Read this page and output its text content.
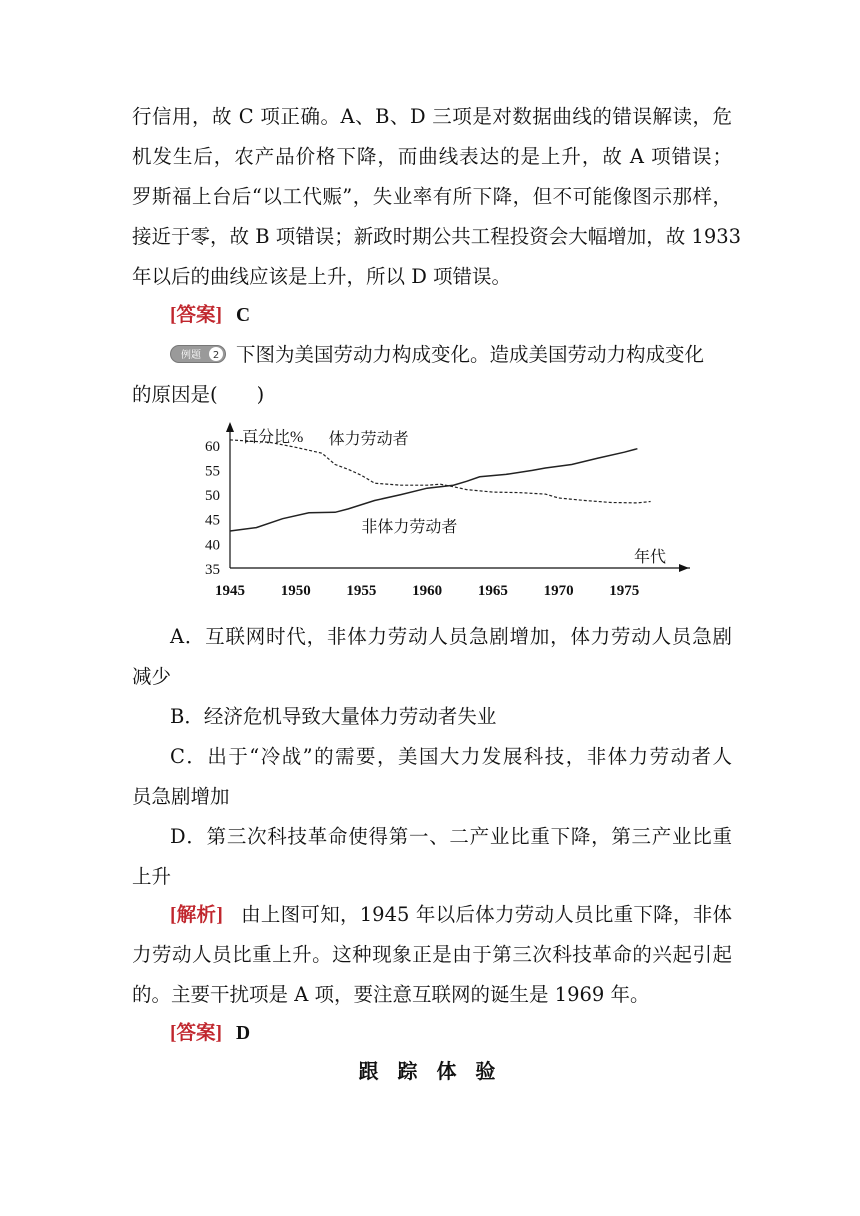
行信用，故 C 项正确。A、B、D 三项是对数据曲线的错误解读，危
机发生后，农产品价格下降，而曲线表达的是上升，故 A 项错误；
罗斯福上台后“以工代赈”，失业率有所下降，但不可能像图示那样，
接近于零，故 B 项错误；新政时期公共工程投资会大幅增加，故 1933
年以后的曲线应该是上升，所以 D 项错误。
[答案] C
例题 2 下图为美国劳动力构成变化。造成美国劳动力构成变化
的原因是(　　)
35
40
45
50
55
60
1945 1950 1955 1960 1965 1970 1975
百分比%
年代
体力劳动者
非体力劳动者
A．互联网时代，非体力劳动人员急剧增加，体力劳动人员急剧
减少
B．经济危机导致大量体力劳动者失业
C．出于“冷战”的需要，美国大力发展科技，非体力劳动者人
员急剧增加
D．第三次科技革命使得第一、二产业比重下降，第三产业比重
上升
[解析] 由上图可知，1945 年以后体力劳动人员比重下降，非体
力劳动人员比重上升。这种现象正是由于第三次科技革命的兴起引起
的。主要干扰项是 A 项，要注意互联网的诞生是 1969 年。
[答案] D
跟 踪 体 验
